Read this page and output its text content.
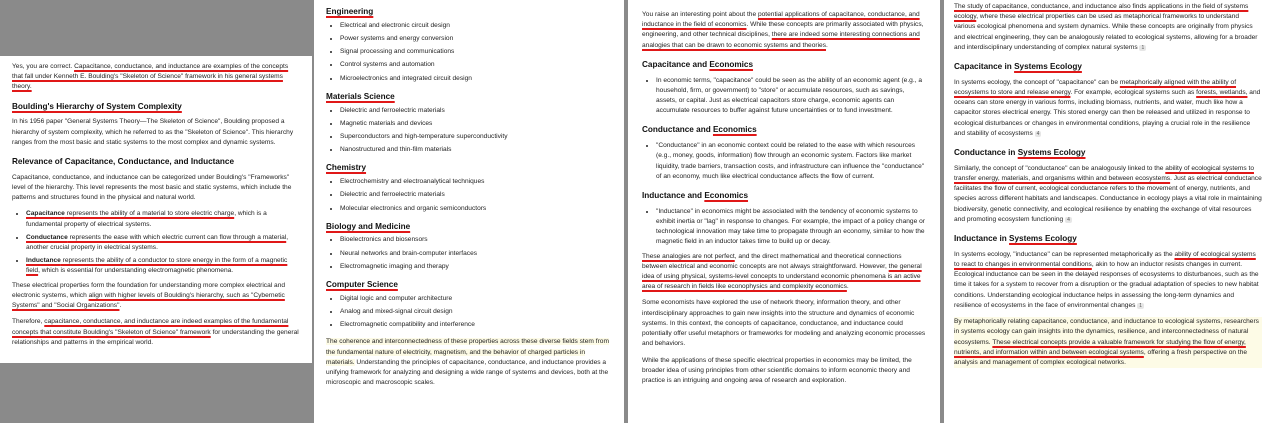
Yes, you are correct. Capacitance, conductance, and inductance are examples of the concepts that fall under Kenneth E. Boulding's "Skeleton of Science" framework in his general systems theory.

Boulding's Hierarchy of System Complexity

In his 1956 paper "General Systems Theory—The Skeleton of Science", Boulding proposed a hierarchy of system complexity, which he referred to as the "Skeleton of Science". This hierarchy ranges from the most basic and static systems to the most complex and dynamic systems.

Relevance of Capacitance, Conductance, and Inductance

Capacitance, conductance, and inductance can be categorized under Boulding's "Frameworks" level of the hierarchy. This level represents the most basic and static systems, which include the patterns and structures found in the physical and natural world.

• Capacitance represents the ability of a material to store electric charge, which is a fundamental property of electrical systems.
• Conductance represents the ease with which electric current can flow through a material, another crucial property in electrical systems.
• Inductance represents the ability of a conductor to store energy in the form of a magnetic field, which is essential for understanding electromagnetic phenomena.

These electrical properties form the foundation for understanding more complex electrical and electronic systems, which align with higher levels of Boulding's hierarchy, such as "Cybernetic Systems" and "Social Organizations".

Therefore, capacitance, conductance, and inductance are indeed examples of the fundamental concepts that constitute Boulding's "Skeleton of Science" framework for understanding the general relationships and patterns in the empirical world.

Engineering
• Electrical and electronic circuit design
• Power systems and energy conversion
• Signal processing and communications
• Control systems and automation
• Microelectronics and integrated circuit design
Materials Science
• Dielectric and ferroelectric materials
• Magnetic materials and devices
• Superconductors and high-temperature superconductivity
• Nanostructured and thin-film materials
Chemistry
• Electrochemistry and electroanalytical techniques
• Dielectric and ferroelectric materials
• Molecular electronics and organic semiconductors
Biology and Medicine
• Bioelectronics and biosensors
• Neural networks and brain-computer interfaces
• Electromagnetic imaging and therapy
Computer Science
• Digital logic and computer architecture
• Analog and mixed-signal circuit design
• Electromagnetic compatibility and interference

The coherence and interconnectedness of these properties across these diverse fields stem from the fundamental nature of electricity, magnetism, and the behavior of charged particles in materials. Understanding the principles of capacitance, conductance, and inductance provides a unifying framework for analyzing and designing a wide range of systems and devices, both at the microscopic and macroscopic scales.

You raise an interesting point about the potential applications of capacitance, conductance, and inductance in the field of economics. While these concepts are primarily associated with physics, engineering, and other technical disciplines, there are indeed some interesting connections and analogies that can be drawn to economic systems and theories.

Capacitance and Economics
• In economic terms, "capacitance" could be seen as the ability of an economic agent (e.g., a household, firm, or government) to "store" or accumulate resources, such as savings, assets, or capital. Just as electrical capacitors store charge, economic agents can accumulate resources to buffer against future uncertainties or to fund investment.
Conductance and Economics
• "Conductance" in an economic context could be related to the ease with which resources (e.g., money, goods, information) flow through an economic system. Factors like market liquidity, trade barriers, transaction costs, and infrastructure can influence the "conductance" of an economy, much like electrical conductance affects the flow of current.
Inductance and Economics
• "Inductance" in economics might be associated with the tendency of economic systems to exhibit inertia or "lag" in response to changes. For example, the impact of a policy change or technological innovation may take time to propagate through an economy, similar to how the magnetic field in an inductor takes time to build up or decay.

These analogies are not perfect, and the direct mathematical and theoretical connections between electrical and economic concepts are not always straightforward. However, the general idea of using physical, systems-level concepts to understand economic phenomena is an active area of research in fields like econophysics and complexity economics.

Some economists have explored the use of network theory, information theory, and other interdisciplinary approaches to gain new insights into the structure and dynamics of economic systems. In this context, the concepts of capacitance, conductance, and inductance could potentially offer useful metaphors or frameworks for modeling and analyzing economic processes and behaviors.

While the applications of these specific electrical properties in economics may be limited, the broader idea of using principles from other scientific domains to inform economic theory and practice is an intriguing and ongoing area of research and exploration.

The study of capacitance, conductance, and inductance also finds applications in the field of systems ecology, where these electrical properties can be used as metaphorical frameworks to understand various ecological phenomena and system dynamics. While these concepts are originally from physics and electrical engineering, they can be analogously related to ecological systems, allowing for a broader and interdisciplinary understanding of complex natural systems 1

Capacitance in Systems Ecology

In systems ecology, the concept of "capacitance" can be metaphorically aligned with the ability of ecosystems to store and release energy. For example, ecological systems such as forests, wetlands, and oceans can store energy in various forms, including biomass, nutrients, and water, much like how a capacitor stores electrical energy. This stored energy can then be released and utilized in response to ecological disturbances or changes in environmental conditions, playing a crucial role in the resilience and stability of ecosystems 4

Conductance in Systems Ecology

Similarly, the concept of "conductance" can be analogously linked to the ability of ecological systems to transfer energy, materials, and organisms within and between ecosystems. Just as electrical conductance facilitates the flow of current, ecological conductance refers to the movement of energy, nutrients, and species across different habitats and landscapes. Conductance in ecology plays a vital role in maintaining biodiversity, genetic connectivity, and ecological resilience by enabling the exchange of vital resources and promoting ecosystem functioning 4

Inductance in Systems Ecology

In systems ecology, "inductance" can be represented metaphorically as the ability of ecological systems to react to changes in environmental conditions, akin to how an inductor resists changes in current. Ecological inductance can be seen in the delayed responses of ecosystems to disturbances, such as the time it takes for a system to recover from a disruption or the gradual adaptation of species to new habitat conditions. Understanding ecological inductance helps in assessing the long-term dynamics and resilience of ecosystems in the face of environmental changes 1

By metaphorically relating capacitance, conductance, and inductance to ecological systems, researchers in systems ecology can gain insights into the dynamics, resilience, and interconnectedness of natural ecosystems. These electrical concepts provide a valuable framework for studying the flow of energy, nutrients, and information within and between ecological systems, offering a fresh perspective on the analysis and management of complex ecological networks.
